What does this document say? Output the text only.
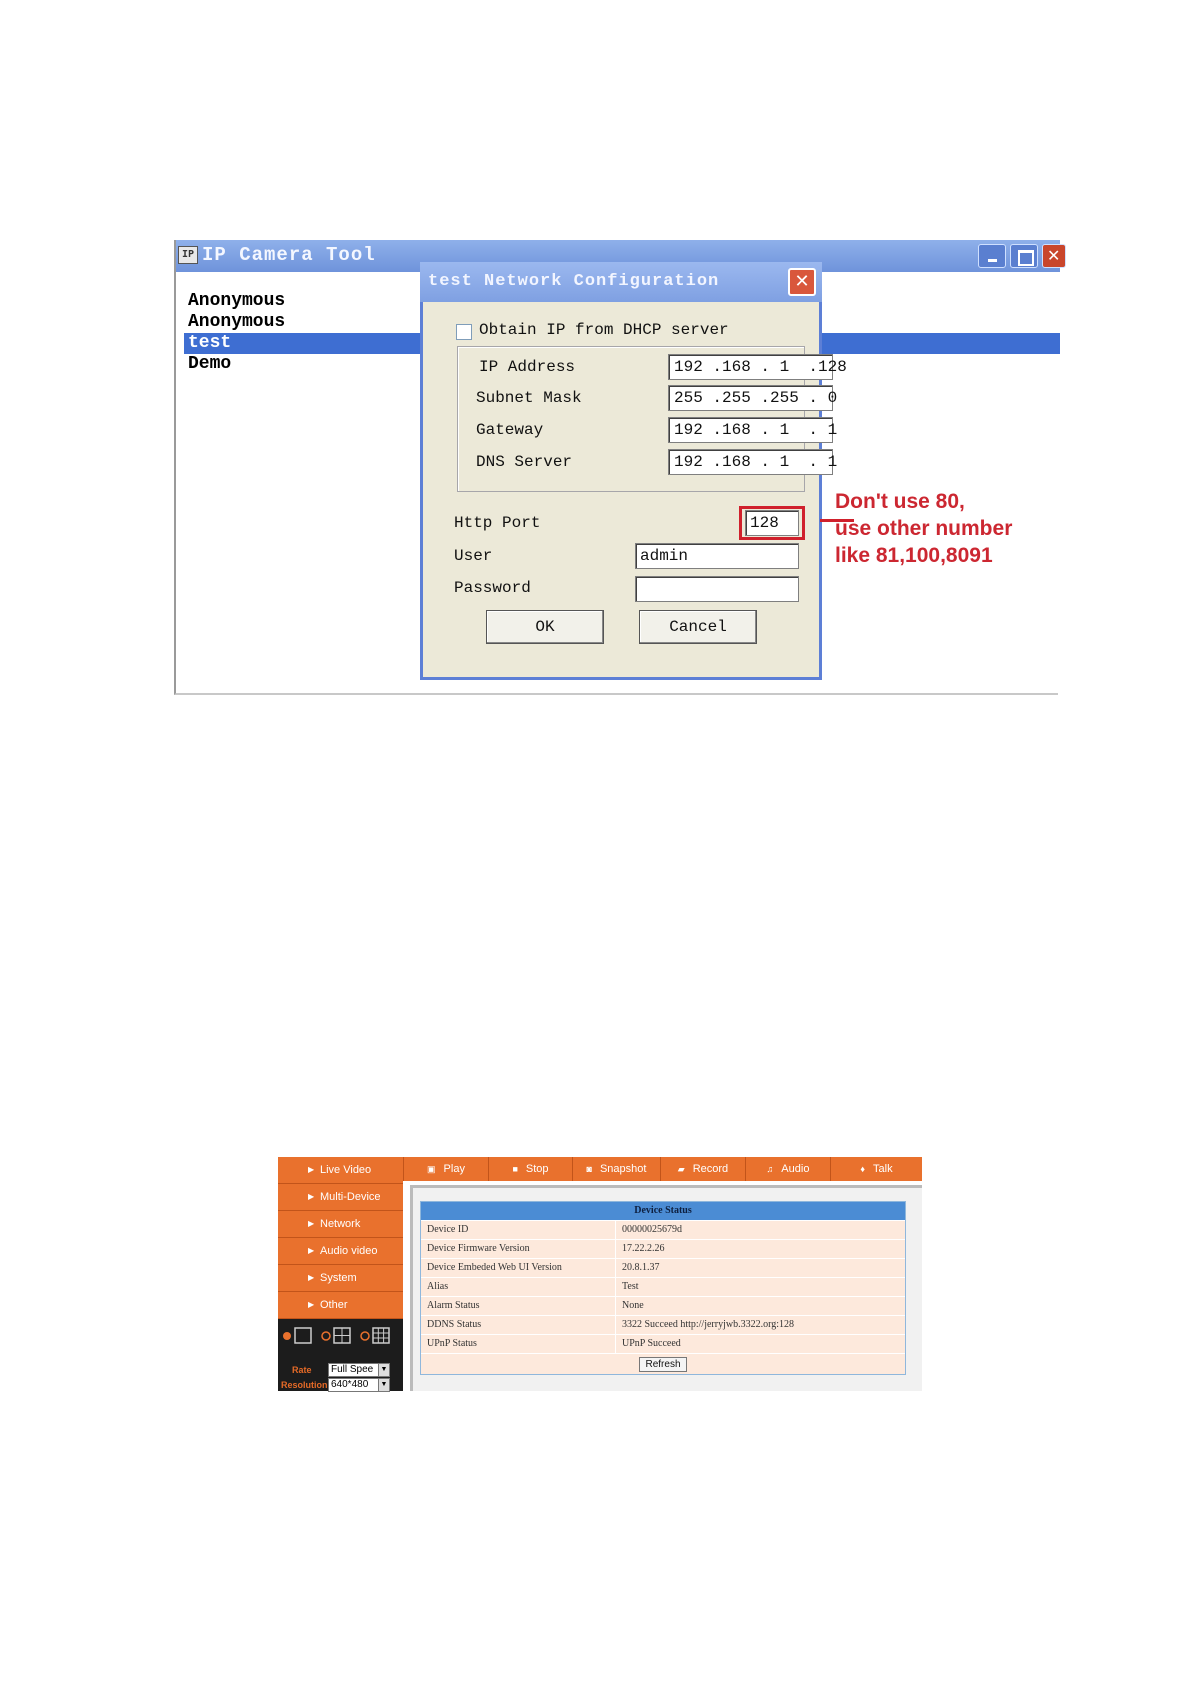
IP IP Camera Tool	✕
Anonymous
Anonymous
test
Demo
test Network Configuration	✕
Obtain IP from DHCP server
IP Address	192 .168 . 1  .128
Subnet Mask	255 .255 .255 . 0
Gateway	192 .168 . 1  . 1
DNS Server	192 .168 . 1  . 1
Http Port	128
User	admin
Password
OK	Cancel
Don't use 80,
use other number
like 81,100,8091
▶ Live Video
▶ Multi-Device
▶ Network
▶ Audio video
▶ System
▶ Other
Rate	Full Spee	▼
Resolution 640*480	▼
▣ Play	■ Stop	◙ Snapshot	▰ Record	♫ Audio	♦ Talk
Device Status
Device ID	00000025679d
Device Firmware Version	17.22.2.26
Device Embeded Web UI Version	20.8.1.37
Alias	Test
Alarm Status	None
DDNS Status	3322 Succeed http://jerryjwb.3322.org:128
UPnP Status	UPnP Succeed
Refresh
